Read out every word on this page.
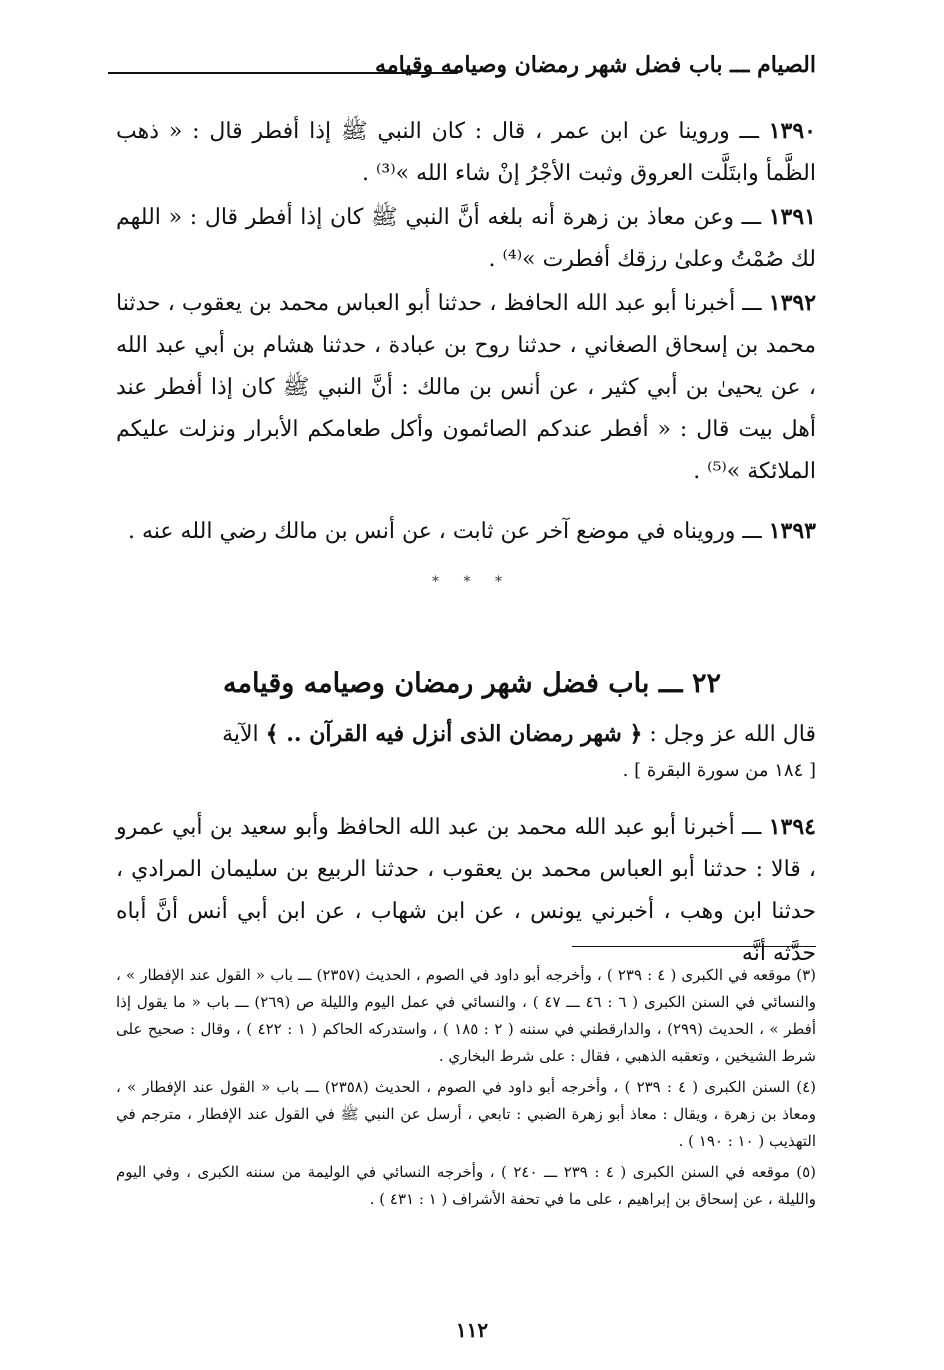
الصيام ـــ باب فضل شهر رمضان وصيامه وقيامه
١٣٩٠ ـــ وروينا عن ابن عمر ، قال : كان النبي ﷺ إذا أفطر قال : « ذهب الظَّمأ وابتَلَّت العروق وثبت الأجْرُ إنْ شاء الله »⁽³⁾ .
١٣٩١ ـــ وعن معاذ بن زهرة أنه بلغه أنَّ النبي ﷺ كان إذا أفطر قال : « اللهم لك صُمْتُ وعلىٰ رزقك أفطرت »⁽⁴⁾ .
١٣٩٢ ـــ أخبرنا أبو عبد الله الحافظ ، حدثنا أبو العباس محمد بن يعقوب ، حدثنا محمد بن إسحاق الصغاني ، حدثنا روح بن عبادة ، حدثنا هشام بن أبي عبد الله ، عن يحيىٰ بن أبي كثير ، عن أنس بن مالك : أنَّ النبي ﷺ كان إذا أفطر عند أهل بيت قال : « أفطر عندكم الصائمون وأكل طعامكم الأبرار ونزلت عليكم الملائكة »⁽⁵⁾ .
١٣٩٣ ـــ ورويناه في موضع آخر عن ثابت ، عن أنس بن مالك رضي الله عنه .
* * *
٢٢ ـــ باب فضل شهر رمضان وصيامه وقيامه
قال الله عز وجل : ﴿ شهر رمضان الذى أنزل فيه القرآن .. ﴾ الآية
[ ١٨٤ من سورة البقرة ] .
١٣٩٤ ـــ أخبرنا أبو عبد الله محمد بن عبد الله الحافظ وأبو سعيد بن أبي عمرو ، قالا : حدثنا أبو العباس محمد بن يعقوب ، حدثنا الربيع بن سليمان المرادي ، حدثنا ابن وهب ، أخبرني يونس ، عن ابن شهاب ، عن ابن أبي أنس أنَّ أباه حدَّثه أنَّه

(٣) موقعه في الكبرى ( ٤ : ٢٣٩ ) ، وأخرجه أبو داود في الصوم ، الحديث (٢٣٥٧) ـــ باب « القول عند الإفطار » ، والنسائي في السنن الكبرى ( ٦ : ٤٦ ـــ ٤٧ ) ، والنسائي في عمل اليوم والليلة ص (٢٦٩) ـــ باب « ما يقول إذا أفطر » ، الحديث (٢٩٩) ، والدارقطني في سننه ( ٢ : ١٨٥ ) ، واستدركه الحاكم ( ١ : ٤٢٢ ) ، وقال : صحيح على شرط الشيخين ، وتعقبه الذهبي ، فقال : على شرط البخاري .

(٤) السنن الكبرى ( ٤ : ٢٣٩ ) ، وأخرجه أبو داود في الصوم ، الحديث (٢٣٥٨) ـــ باب « القول عند الإفطار » ، ومعاذ بن زهرة ، ويقال : معاذ أبو زهرة الضبي : تابعي ، أرسل عن النبي ﷺ في القول عند الإفطار ، مترجم في التهذيب ( ١٠ : ١٩٠ ) .

(٥) موقعه في السنن الكبرى ( ٤ : ٢٣٩ ـــ ٢٤٠ ) ، وأخرجه النسائي في الوليمة من سننه الكبرى ، وفي اليوم والليلة ، عن إسحاق بن إبراهيم ، على ما في تحفة الأشراف ( ١ : ٤٣١ ) .

١١٢
